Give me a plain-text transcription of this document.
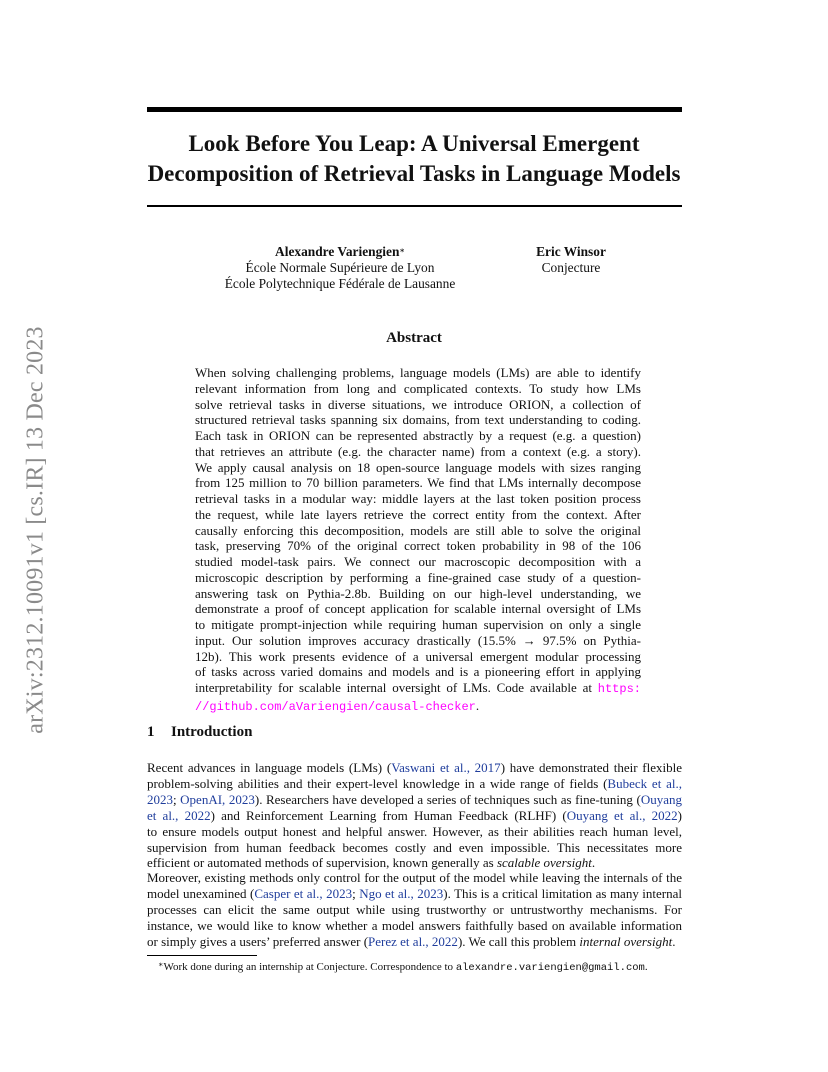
arXiv:2312.10091v1 [cs.IR] 13 Dec 2023
Look Before You Leap: A Universal Emergent
Decomposition of Retrieval Tasks in Language Models
Alexandre Variengien∗
École Normale Supérieure de Lyon
École Polytechnique Fédérale de Lausanne
Eric Winsor
Conjecture
Abstract
When solving challenging problems, language models (LMs) are able to identify
relevant information from long and complicated contexts. To study how LMs
solve retrieval tasks in diverse situations, we introduce ORION, a collection of
structured retrieval tasks spanning six domains, from text understanding to coding.
Each task in ORION can be represented abstractly by a request (e.g. a question)
that retrieves an attribute (e.g. the character name) from a context (e.g. a story).
We apply causal analysis on 18 open-source language models with sizes ranging
from 125 million to 70 billion parameters. We find that LMs internally decompose
retrieval tasks in a modular way: middle layers at the last token position process
the request, while late layers retrieve the correct entity from the context. After
causally enforcing this decomposition, models are still able to solve the original
task, preserving 70% of the original correct token probability in 98 of the 106
studied model-task pairs. We connect our macroscopic decomposition with a
microscopic description by performing a fine-grained case study of a question-
answering task on Pythia-2.8b. Building on our high-level understanding, we
demonstrate a proof of concept application for scalable internal oversight of LMs
to mitigate prompt-injection while requiring human supervision on only a single
input. Our solution improves accuracy drastically (15.5% → 97.5% on Pythia-
12b). This work presents evidence of a universal emergent modular processing
of tasks across varied domains and models and is a pioneering effort in applying
interpretability for scalable internal oversight of LMs. Code available at https:
//github.com/aVariengien/causal-checker.
1 Introduction
Recent advances in language models (LMs) (Vaswani et al., 2017) have demonstrated their flexible
problem-solving abilities and their expert-level knowledge in a wide range of fields (Bubeck et al.,
2023; OpenAI, 2023). Researchers have developed a series of techniques such as fine-tuning (Ouyang
et al., 2022) and Reinforcement Learning from Human Feedback (RLHF) (Ouyang et al., 2022)
to ensure models output honest and helpful answer. However, as their abilities reach human level,
supervision from human feedback becomes costly and even impossible. This necessitates more
efficient or automated methods of supervision, known generally as scalable oversight.
Moreover, existing methods only control for the output of the model while leaving the internals of the
model unexamined (Casper et al., 2023; Ngo et al., 2023). This is a critical limitation as many internal
processes can elicit the same output while using trustworthy or untrustworthy mechanisms. For
instance, we would like to know whether a model answers faithfully based on available information
or simply gives a users’ preferred answer (Perez et al., 2022). We call this problem internal oversight.
∗Work done during an internship at Conjecture. Correspondence to alexandre.variengien@gmail.com.
